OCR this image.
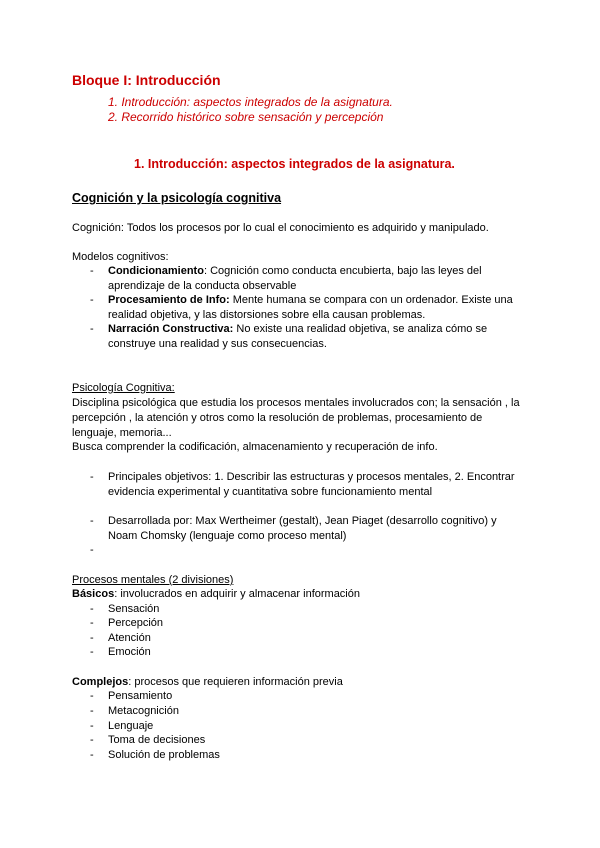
Bloque I: Introducción
1. Introducción: aspectos integrados de la asignatura.
2. Recorrido histórico sobre sensación y percepción
1. Introducción: aspectos integrados de la asignatura.
Cognición y la psicología cognitiva
Cognición: Todos los procesos por lo cual el conocimiento es adquirido y manipulado.
Modelos cognitivos:
- Condicionamiento: Cognición como conducta encubierta, bajo las leyes del
aprendizaje de la conducta observable
- Procesamiento de Info: Mente humana se compara con un ordenador. Existe una
realidad objetiva, y las distorsiones sobre ella causan problemas.
- Narración Constructiva: No existe una realidad objetiva, se analiza cómo se
construye una realidad y sus consecuencias.
Psicología Cognitiva:
Disciplina psicológica que estudia los procesos mentales involucrados con; la sensación , la
percepción , la atención y otros como la resolución de problemas, procesamiento de
lenguaje, memoria...
Busca comprender la codificación, almacenamiento y recuperación de info.
- Principales objetivos: 1. Describir las estructuras y procesos mentales, 2. Encontrar
evidencia experimental y cuantitativa sobre funcionamiento mental
- Desarrollada por: Max Wertheimer (gestalt), Jean Piaget (desarrollo cognitivo) y
Noam Chomsky (lenguaje como proceso mental)
-
Procesos mentales (2 divisiones)
Básicos: involucrados en adquirir y almacenar información
- Sensación
- Percepción
- Atención
- Emoción
Complejos: procesos que requieren información previa
- Pensamiento
- Metacognición
- Lenguaje
- Toma de decisiones
- Solución de problemas
